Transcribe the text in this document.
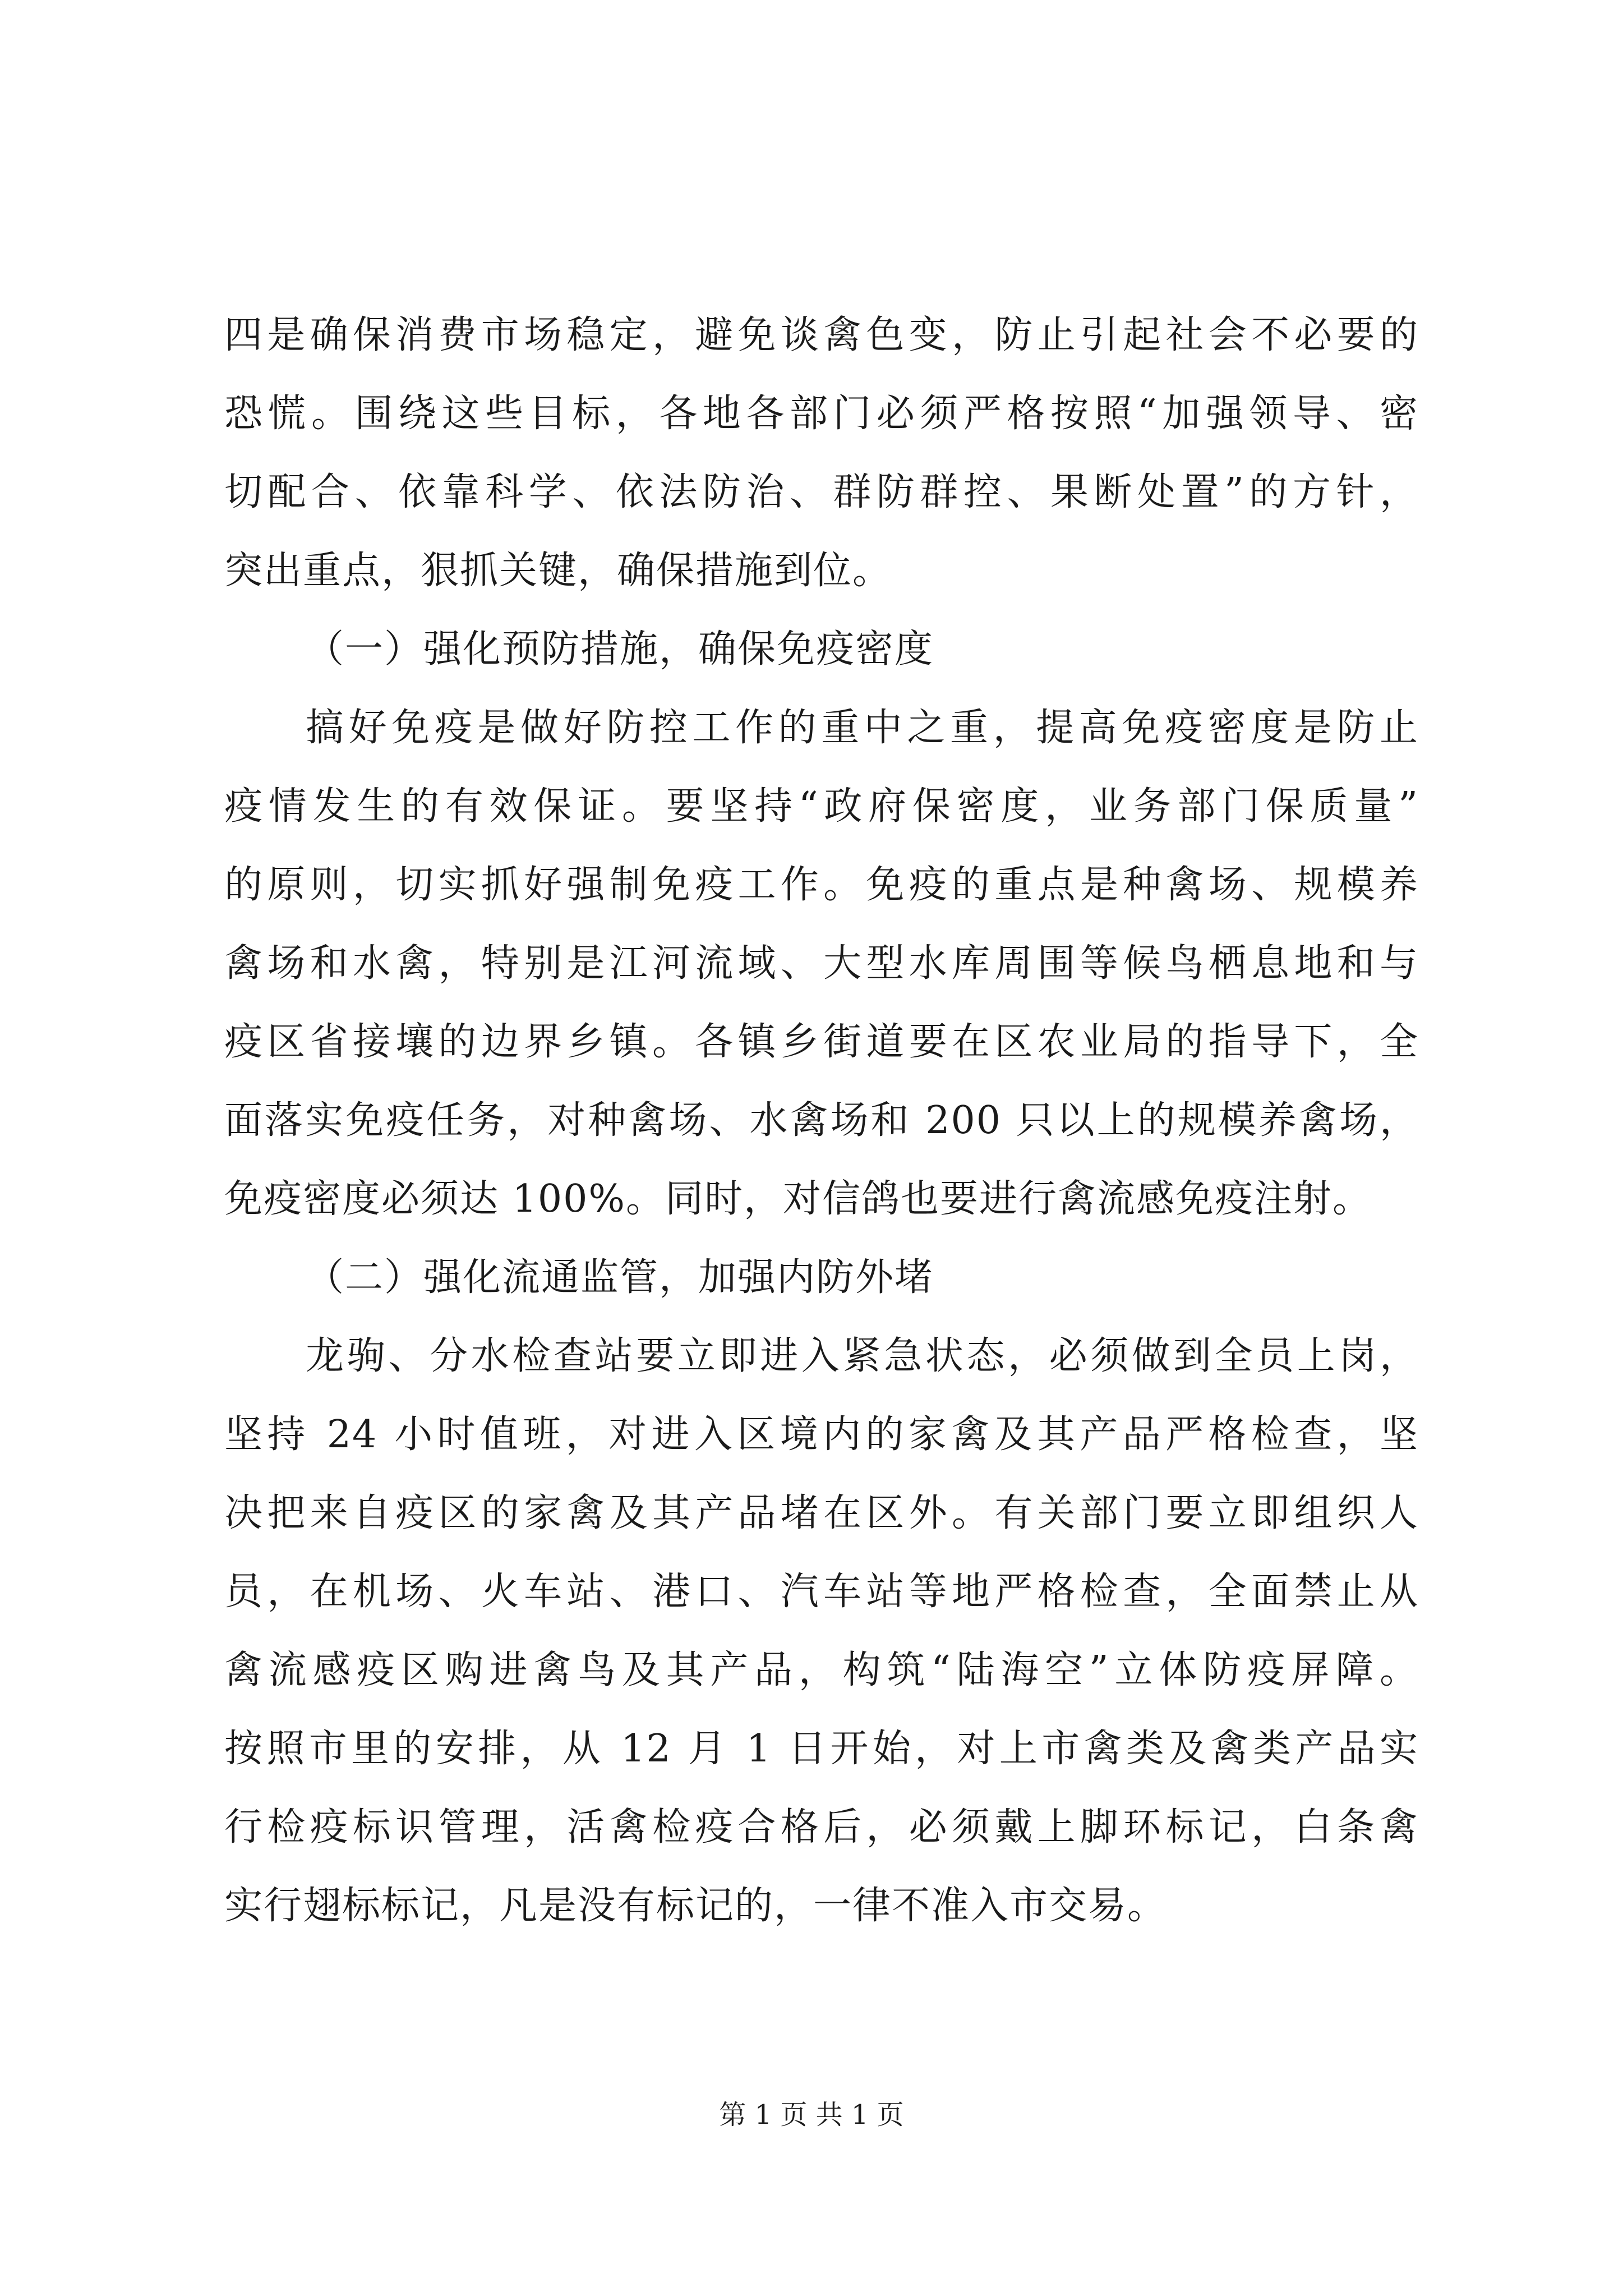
四是确保消费市场稳定，避免谈禽色变，防止引起社会不必要的
恐慌。围绕这些目标，各地各部门必须严格按照“加强领导、密
切配合、依靠科学、依法防治、群防群控、果断处置”的方针，
突出重点，狠抓关键，确保措施到位。
（一）强化预防措施，确保免疫密度
搞好免疫是做好防控工作的重中之重，提高免疫密度是防止
疫情发生的有效保证。要坚持“政府保密度，业务部门保质量”
的原则，切实抓好强制免疫工作。免疫的重点是种禽场、规模养
禽场和水禽，特别是江河流域、大型水库周围等候鸟栖息地和与
疫区省接壤的边界乡镇。各镇乡街道要在区农业局的指导下，全
面落实免疫任务，对种禽场、水禽场和 200 只以上的规模养禽场，
免疫密度必须达 100%。同时，对信鸽也要进行禽流感免疫注射。
（二）强化流通监管，加强内防外堵
龙驹、分水检查站要立即进入紧急状态，必须做到全员上岗，
坚持 24 小时值班，对进入区境内的家禽及其产品严格检查，坚
决把来自疫区的家禽及其产品堵在区外。有关部门要立即组织人
员，在机场、火车站、港口、汽车站等地严格检查，全面禁止从
禽流感疫区购进禽鸟及其产品，构筑“陆海空”立体防疫屏障。
按照市里的安排，从 12 月 1 日开始，对上市禽类及禽类产品实
行检疫标识管理，活禽检疫合格后，必须戴上脚环标记，白条禽
实行翅标标记，凡是没有标记的，一律不准入市交易。
第 1 页 共 1 页
